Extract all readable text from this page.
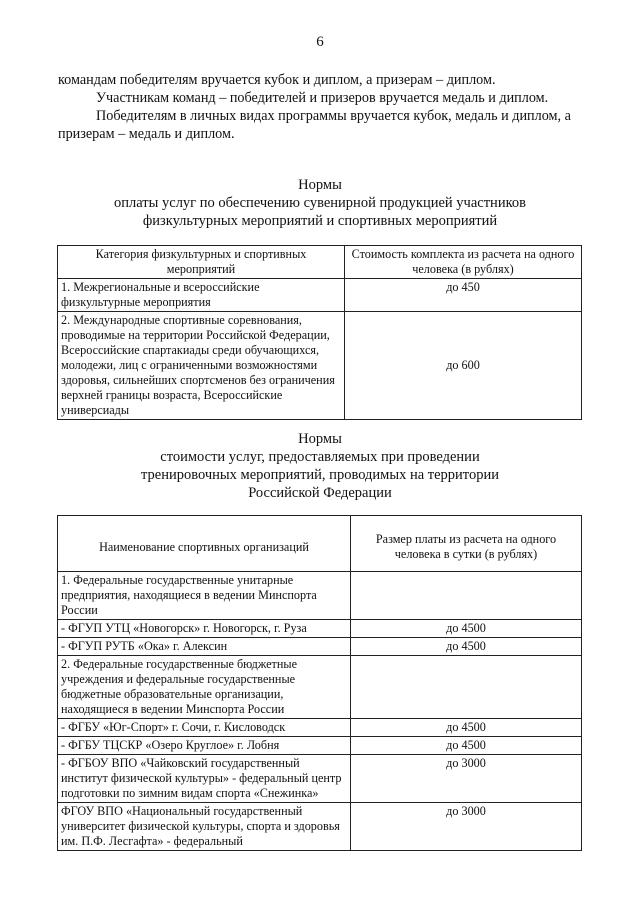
6

командам победителям вручается кубок и диплом, а призерам – диплом.

Участникам команд – победителей и призеров вручается медаль и диплом.

Победителям в личных видах программы вручается кубок, медаль и диплом, а призерам – медаль и диплом.

Нормы
оплаты услуг по обеспечению сувенирной продукцией участников
физкультурных мероприятий и спортивных мероприятий
Категория физкультурных и спортивных мероприятий	Стоимость комплекта из расчета на одного человека (в рублях)
1. Межрегиональные и всероссийские физкультурные мероприятия	до 450
2. Международные спортивные соревнования, проводимые на территории Российской Федерации, Всероссийские спартакиады среди обучающихся, молодежи, лиц с ограниченными возможностями здоровья, сильнейших спортсменов без ограничения верхней границы возраста, Всероссийские универсиады	до 600
Нормы
стоимости услуг, предоставляемых при проведении
тренировочных мероприятий, проводимых на территории
Российской Федерации
Наименование спортивных организаций	Размер платы из расчета на одного человека в сутки (в рублях)
1. Федеральные государственные унитарные предприятия, находящиеся в ведении Минспорта России	
- ФГУП УТЦ «Новогорск» г. Новогорск, г. Руза	до 4500
- ФГУП РУТБ «Ока» г. Алексин	до 4500
2. Федеральные государственные бюджетные учреждения и федеральные государственные бюджетные образовательные организации, находящиеся в ведении Минспорта России	
- ФГБУ «Юг-Спорт» г. Сочи, г. Кисловодск	до 4500
- ФГБУ ТЦСКР «Озеро Круглое» г. Лобня	до 4500
- ФГБОУ ВПО «Чайковский государственный институт физической культуры» - федеральный центр подготовки по зимним видам спорта «Снежинка»	до 3000
ФГОУ ВПО «Национальный государственный университет физической культуры, спорта и здоровья им. П.Ф. Лесгафта» - федеральный	до 3000
